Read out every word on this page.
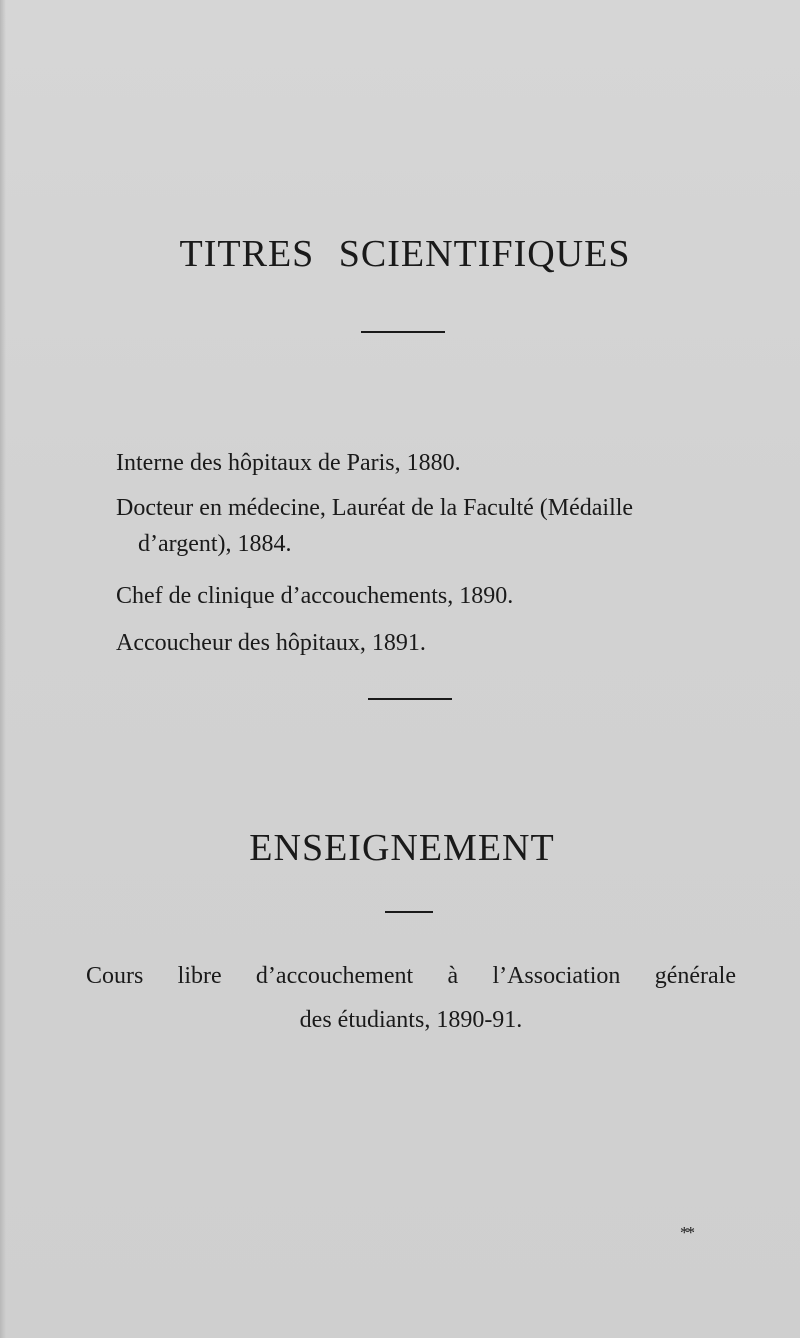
TITRES SCIENTIFIQUES

Interne des hôpitaux de Paris, 1880.

Docteur en médecine, Lauréat de la Faculté (Médaille
d’argent), 1884.

Chef de clinique d’accouchements, 1890.

Accoucheur des hôpitaux, 1891.

ENSEIGNEMENT

Cours libre d’accouchement à l’Association générale
des étudiants, 1890-91.

**
